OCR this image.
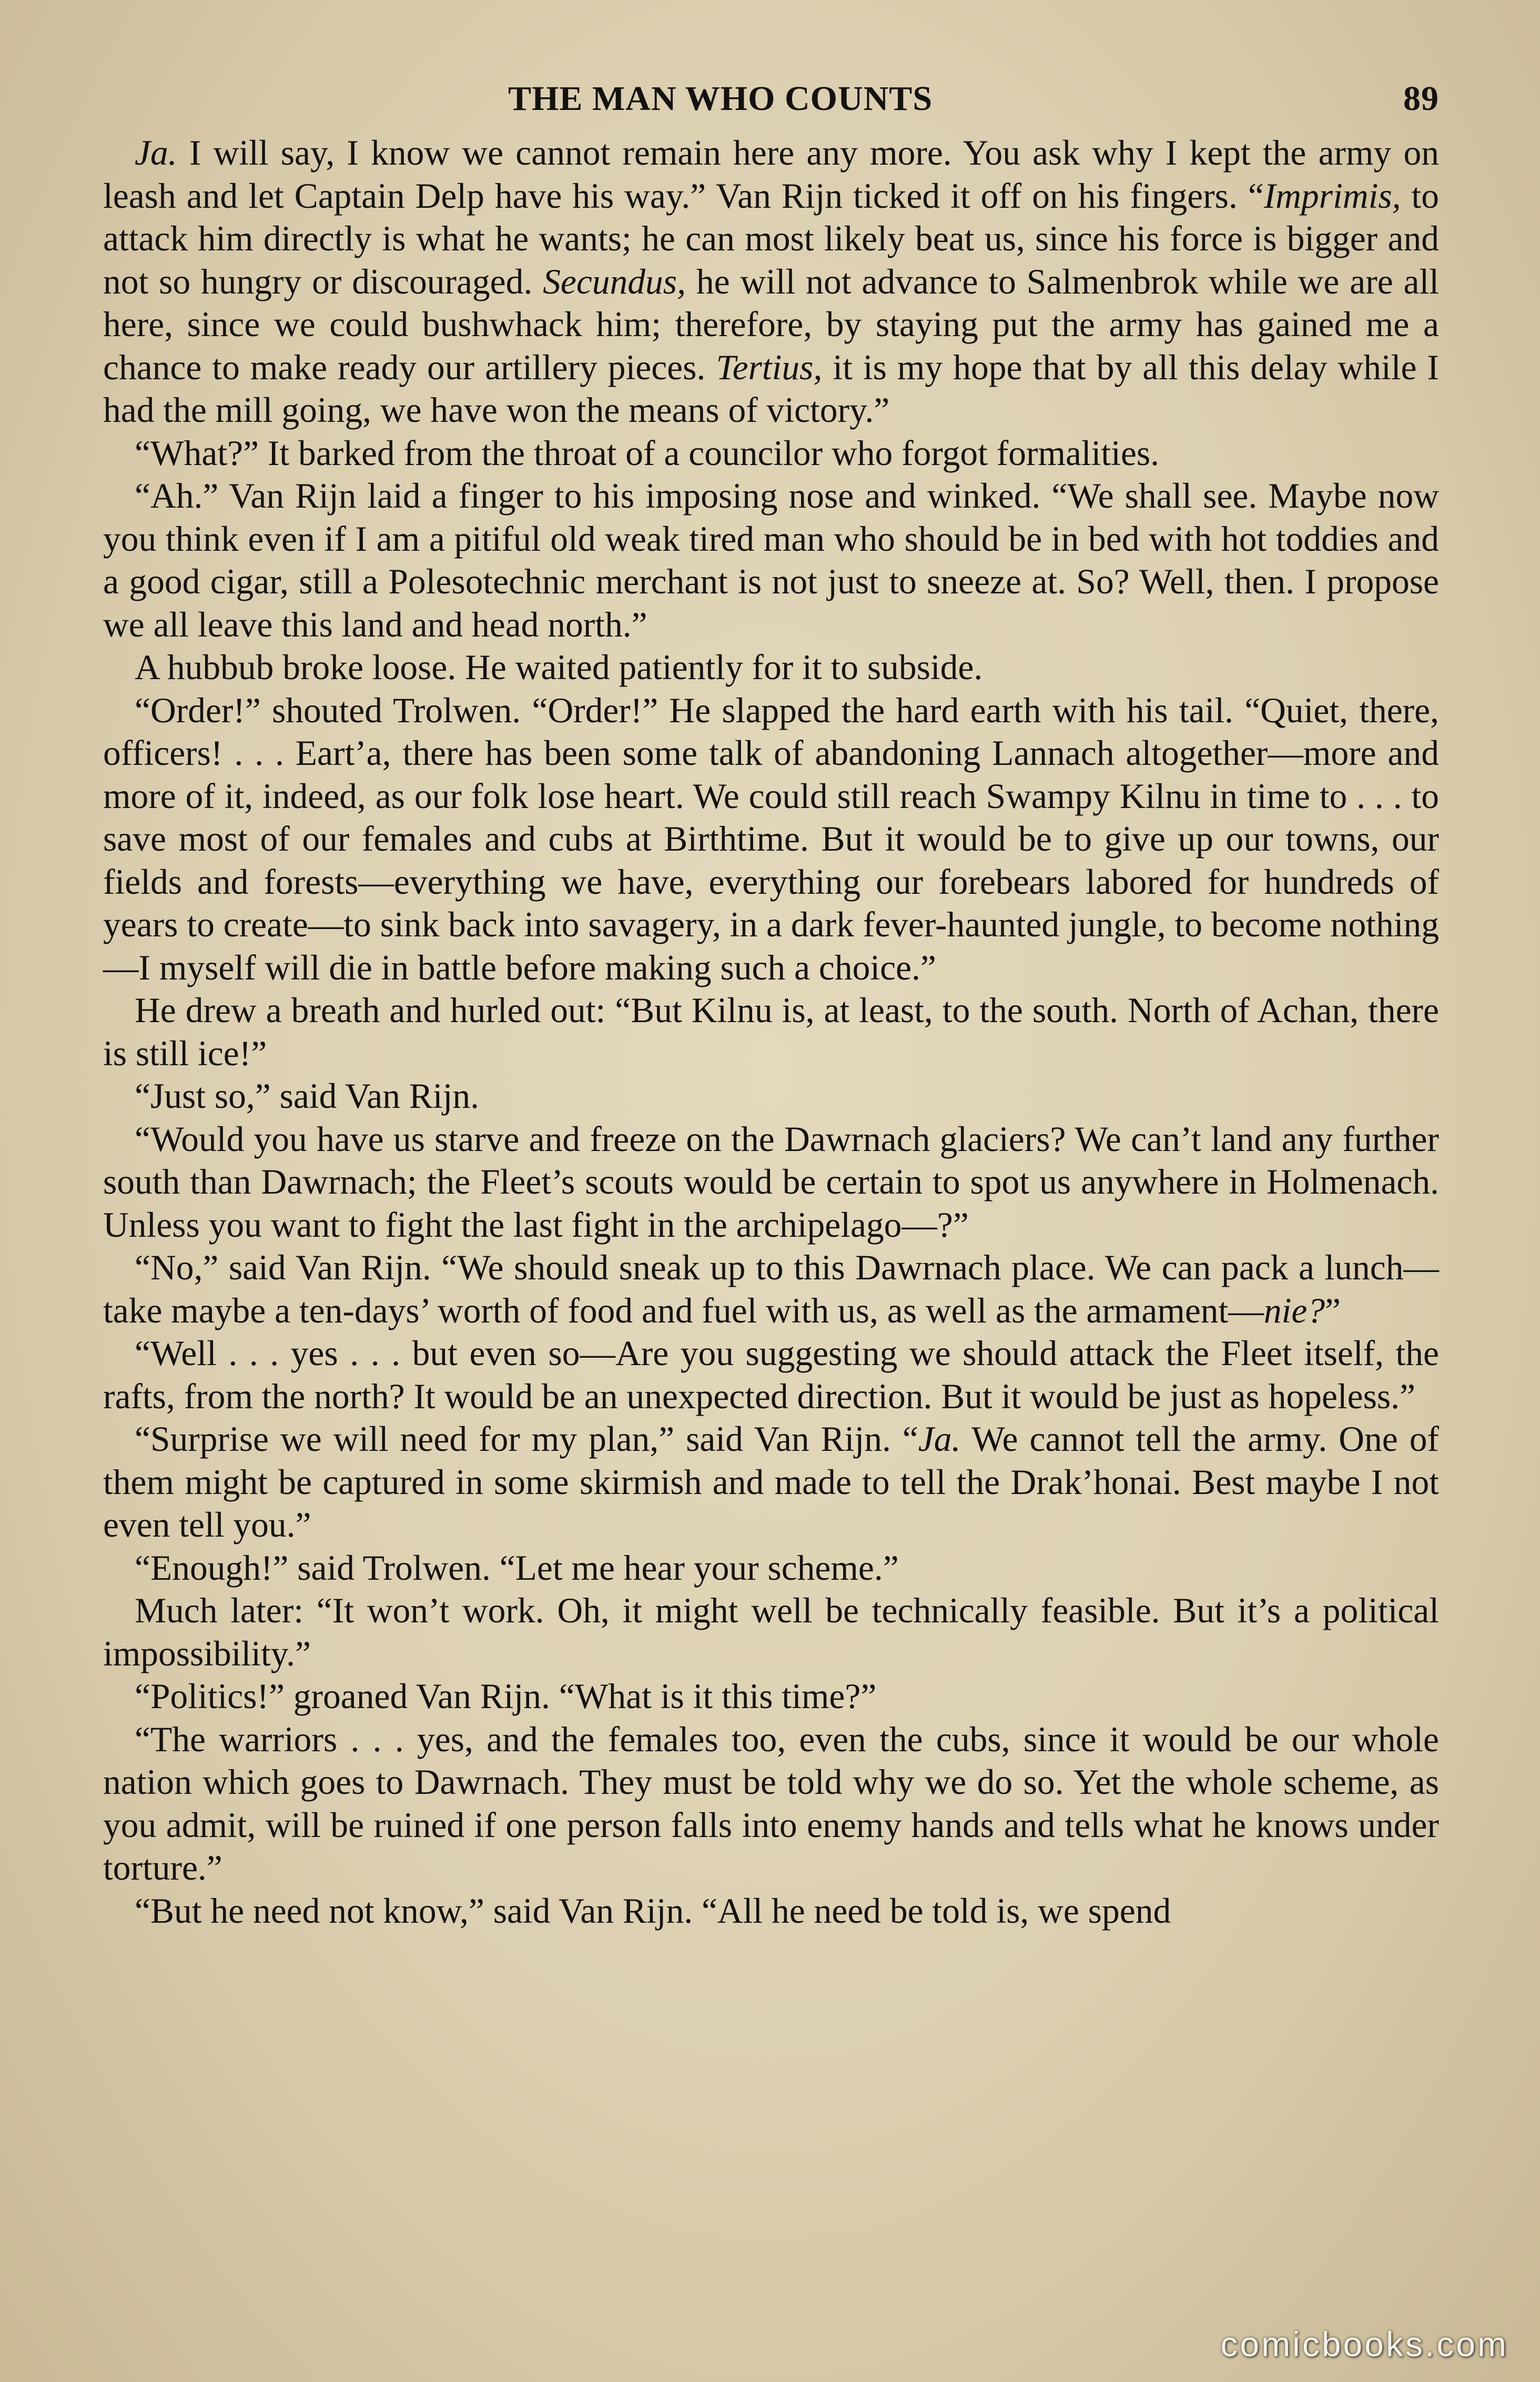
THE MAN WHO COUNTS	89

Ja. I will say, I know we cannot remain here any more. You ask why I kept the army on leash and let Captain Delp have his way.” Van Rijn ticked it off on his fingers. “Imprimis, to attack him directly is what he wants; he can most likely beat us, since his force is bigger and not so hungry or discouraged. Secundus, he will not advance to Salmenbrok while we are all here, since we could bushwhack him; therefore, by staying put the army has gained me a chance to make ready our artillery pieces. Tertius, it is my hope that by all this delay while I had the mill going, we have won the means of victory.”

“What?” It barked from the throat of a councilor who forgot formalities.

“Ah.” Van Rijn laid a finger to his imposing nose and winked. “We shall see. Maybe now you think even if I am a pitiful old weak tired man who should be in bed with hot toddies and a good cigar, still a Polesotechnic merchant is not just to sneeze at. So? Well, then. I propose we all leave this land and head north.”

A hubbub broke loose. He waited patiently for it to subside.

“Order!” shouted Trolwen. “Order!” He slapped the hard earth with his tail. “Quiet, there, officers! . . . Eart’a, there has been some talk of abandoning Lannach altogether—more and more of it, indeed, as our folk lose heart. We could still reach Swampy Kilnu in time to . . . to save most of our females and cubs at Birthtime. But it would be to give up our towns, our fields and forests—everything we have, everything our forebears labored for hundreds of years to create—to sink back into savagery, in a dark fever-haunted jungle, to become nothing—I myself will die in battle before making such a choice.”

He drew a breath and hurled out: “But Kilnu is, at least, to the south. North of Achan, there is still ice!”

“Just so,” said Van Rijn.

“Would you have us starve and freeze on the Dawrnach glaciers? We can’t land any further south than Dawrnach; the Fleet’s scouts would be certain to spot us anywhere in Holmenach. Unless you want to fight the last fight in the archipelago—?”

“No,” said Van Rijn. “We should sneak up to this Dawrnach place. We can pack a lunch—take maybe a ten-days’ worth of food and fuel with us, as well as the armament—nie?”

“Well . . . yes . . . but even so—Are you suggesting we should attack the Fleet itself, the rafts, from the north? It would be an unexpected direction. But it would be just as hopeless.”

“Surprise we will need for my plan,” said Van Rijn. “Ja. We cannot tell the army. One of them might be captured in some skirmish and made to tell the Drak’honai. Best maybe I not even tell you.”

“Enough!” said Trolwen. “Let me hear your scheme.”

Much later: “It won’t work. Oh, it might well be technically feasible. But it’s a political impossibility.”

“Politics!” groaned Van Rijn. “What is it this time?”

“The warriors . . . yes, and the females too, even the cubs, since it would be our whole nation which goes to Dawrnach. They must be told why we do so. Yet the whole scheme, as you admit, will be ruined if one person falls into enemy hands and tells what he knows under torture.”

“But he need not know,” said Van Rijn. “All he need be told is, we spend

comicbooks.com
